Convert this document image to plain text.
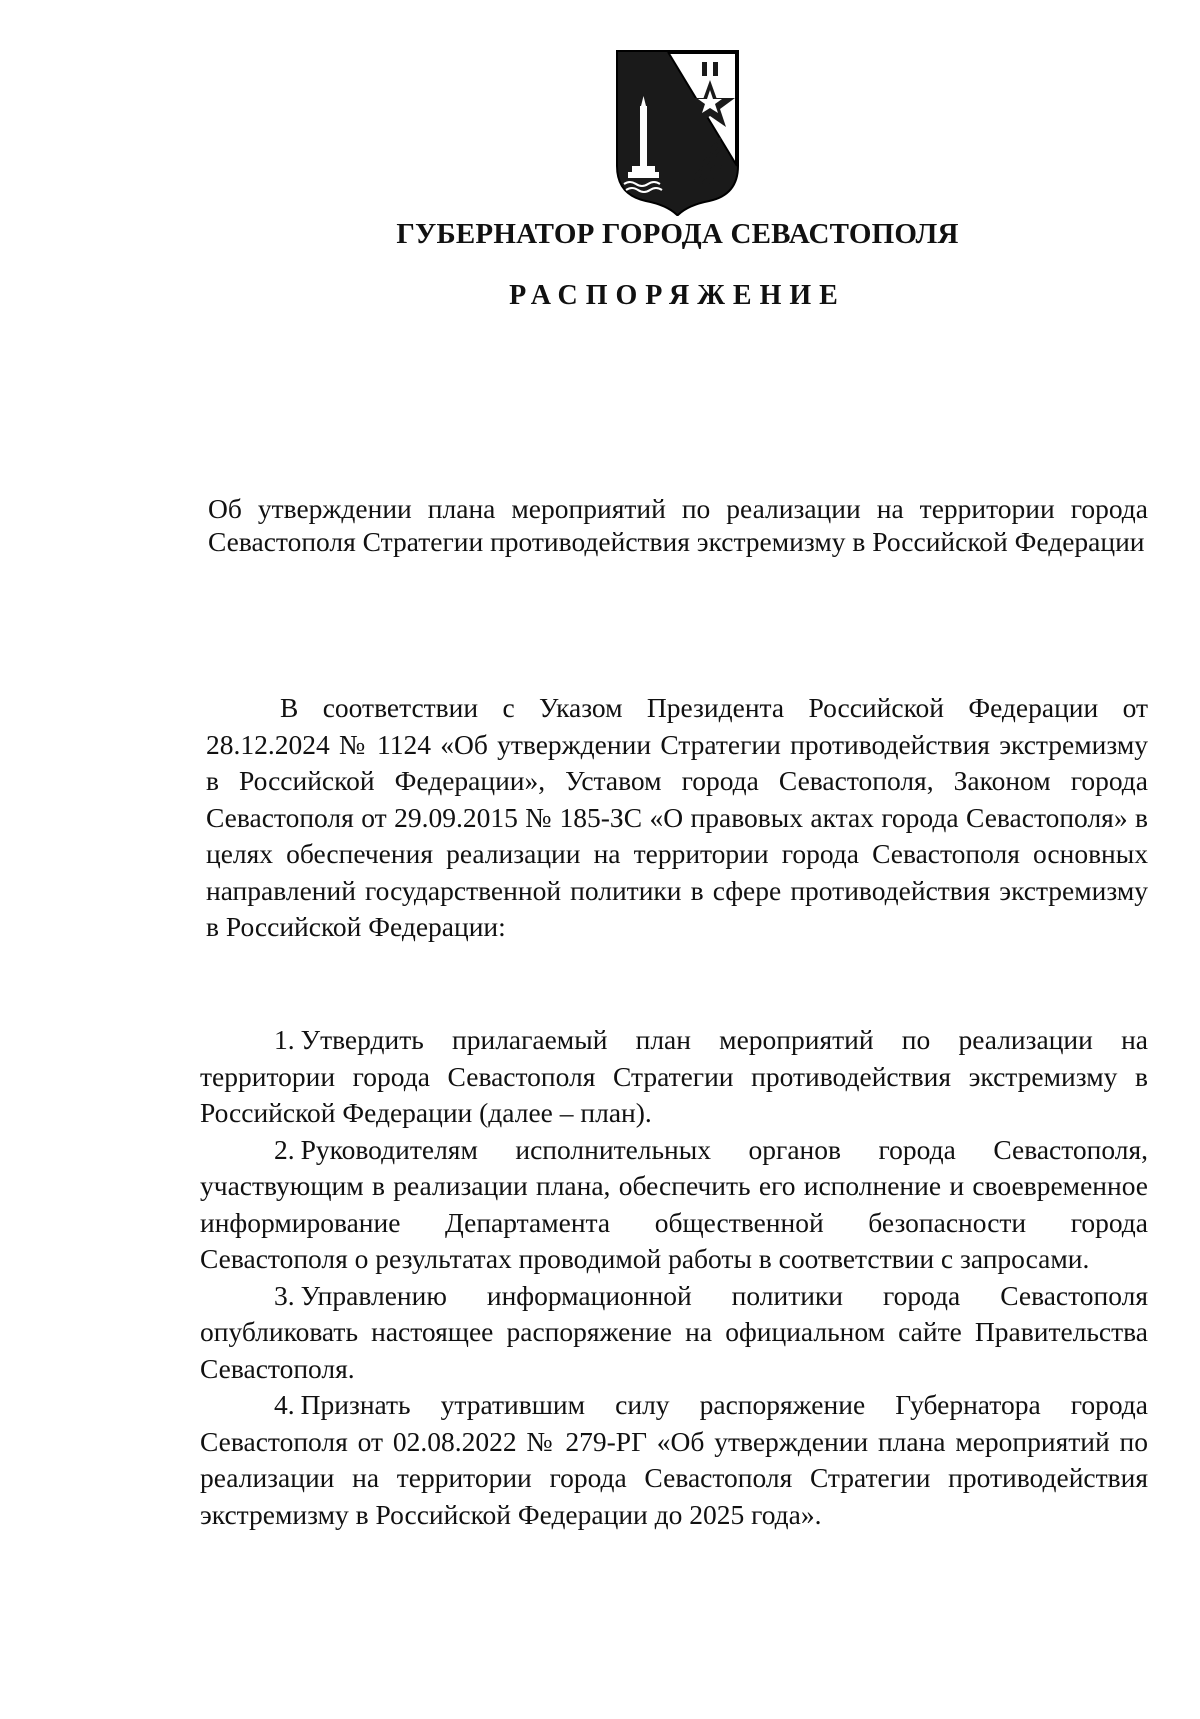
ГУБЕРНАТОР ГОРОДА СЕВАСТОПОЛЯ
РАСПОРЯЖЕНИЕ

Об утверждении плана мероприятий по реализации на территории города Севастополя Стратегии противодействия экстремизму в Российской Федерации

В соответствии с Указом Президента Российской Федерации от 28.12.2024 № 1124 «Об утверждении Стратегии противодействия экстремизму в Российской Федерации», Уставом города Севастополя, Законом города Севастополя от 29.09.2015 № 185-ЗС «О правовых актах города Севастополя» в целях обеспечения реализации на территории города Севастополя основных направлений государственной политики в сфере противодействия экстремизму в Российской Федерации:

1. Утвердить прилагаемый план мероприятий по реализации на территории города Севастополя Стратегии противодействия экстремизму в Российской Федерации (далее – план).

2. Руководителям исполнительных органов города Севастополя, участвующим в реализации плана, обеспечить его исполнение и своевременное информирование Департамента общественной безопасности города Севастополя о результатах проводимой работы в соответствии с запросами.

3. Управлению информационной политики города Севастополя опубликовать настоящее распоряжение на официальном сайте Правительства Севастополя.

4. Признать утратившим силу распоряжение Губернатора города Севастополя от 02.08.2022 № 279-РГ «Об утверждении плана мероприятий по реализации на территории города Севастополя Стратегии противодействия экстремизму в Российской Федерации до 2025 года».
